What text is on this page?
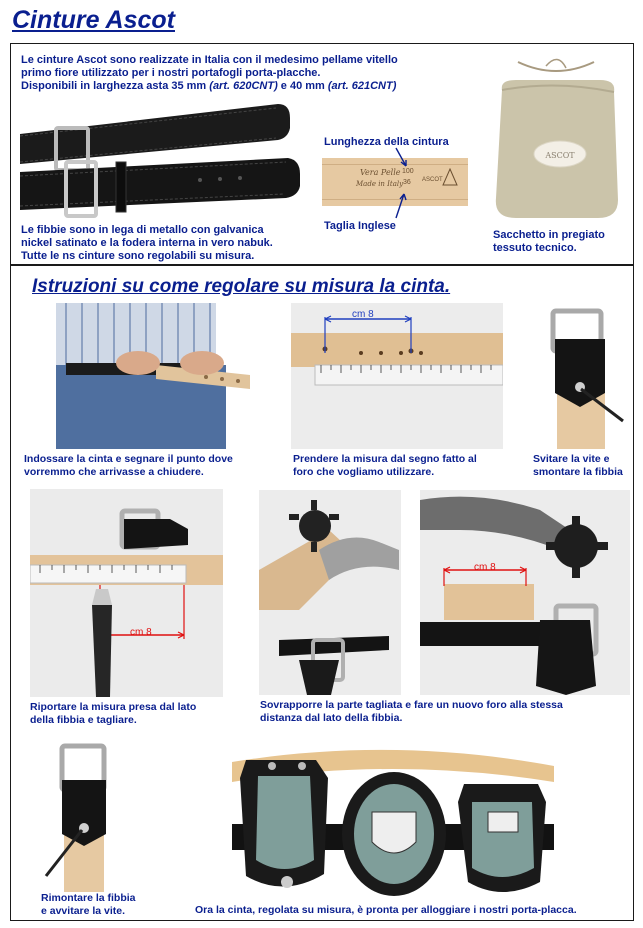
Cinture Ascot
Le cinture Ascot sono realizzate in Italia con il medesimo pellame vitello
primo fiore utilizzato per i nostri portafogli porta-placche.
Disponibili in larghezza asta 35 mm (art. 620CNT) e 40 mm (art. 621CNT)
Le fibbie sono in lega di metallo con galvanica
nickel satinato e la fodera interna in vero nabuk.
Tutte le ns cinture sono regolabili su misura.
Lunghezza della cintura
Vera Pelle
Made in Italy
100
36 ASCOT
Taglia Inglese
ASCOT
Sacchetto in pregiato
tessuto tecnico.
Istruzioni su come regolare su misura la cinta.
Indossare la cinta e segnare il punto dove
vorremmo che arrivasse a chiudere.
cm 8
Prendere la misura dal segno fatto al
foro che vogliamo utilizzare.
Svitare la vite e
smontare la fibbia
cm 8
Riportare la misura presa dal lato
della fibbia e tagliare.
cm 8
Sovrapporre la parte tagliata e fare un nuovo foro alla stessa
distanza dal lato della fibbia.
Rimontare la fibbia
e avvitare la vite.	Ora la cinta, regolata su misura, è pronta per alloggiare i nostri porta-placca.
